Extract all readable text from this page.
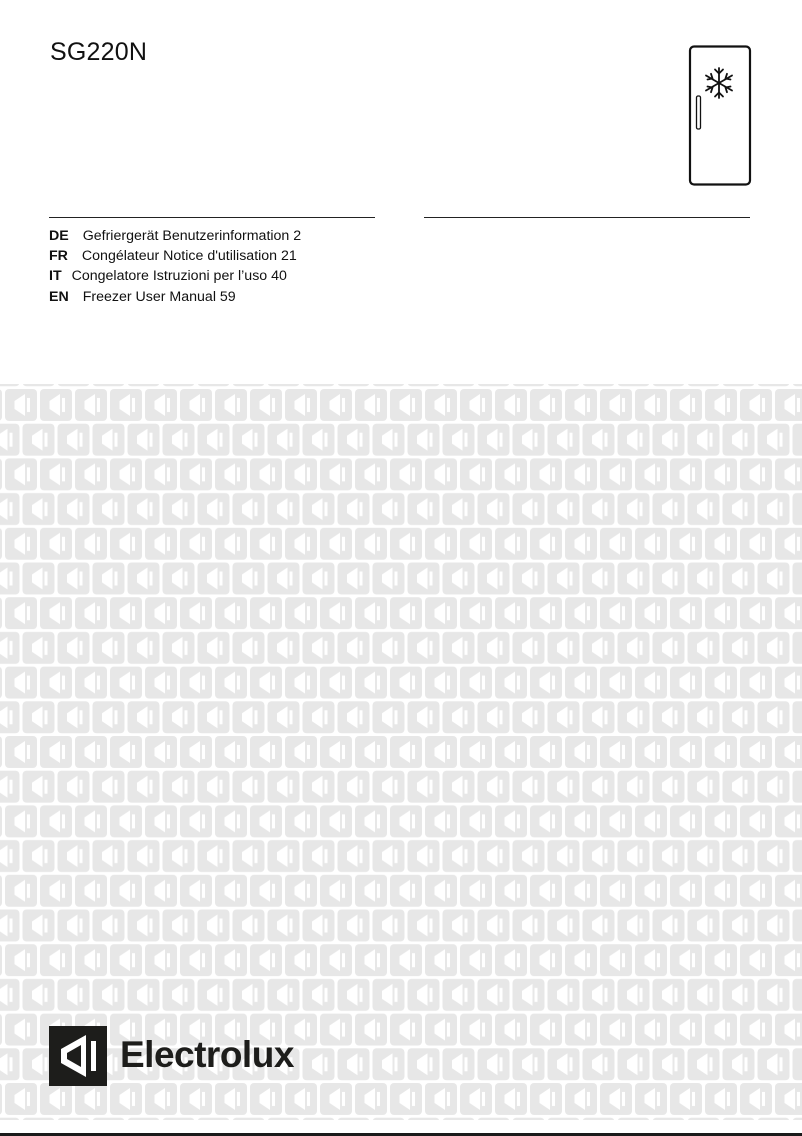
SG220N
DE Gefriergerät Benutzerinformation 2
FR Congélateur Notice d'utilisation 21
IT Congelatore Istruzioni per l’uso 40
EN Freezer User Manual 59
Electrolux
